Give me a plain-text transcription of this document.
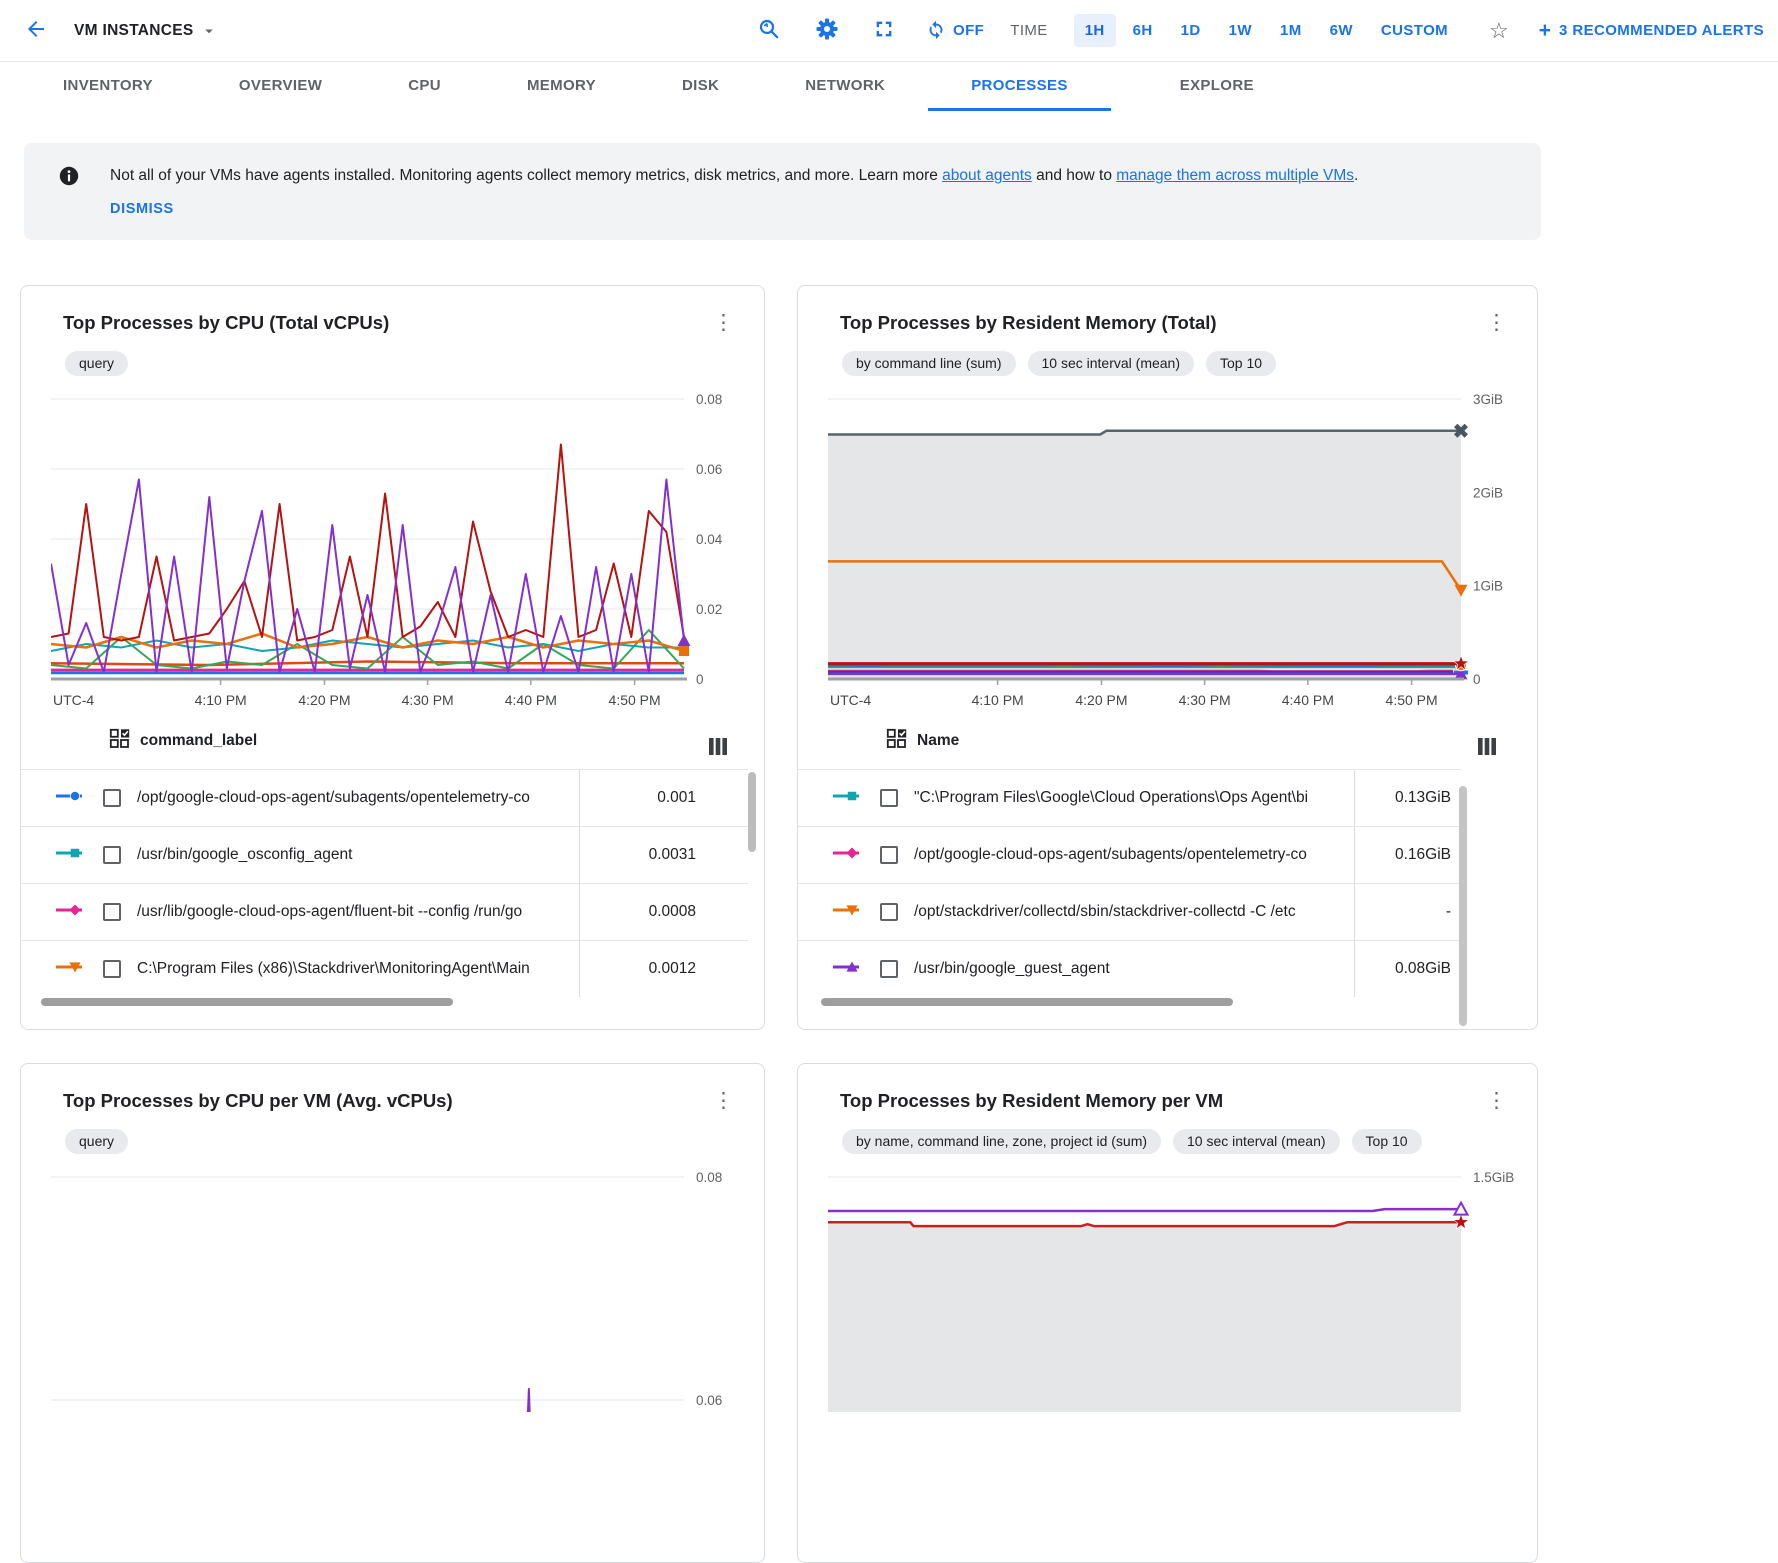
VM INSTANCES	OFF TIME	1H	6H	1D	1W	1M	6W	CUSTOM	☆ + 3 RECOMMENDED ALERTS
INVENTORY	OVERVIEW	CPU	MEMORY	DISK	NETWORK	PROCESSES	EXPLORE

Not all of your VMs have agents installed. Monitoring agents collect memory metrics, disk metrics, and more. Learn more about agents and how to manage them across multiple VMs.

DISMISS
Top Processes by CPU (Total vCPUs)	⋮
query
0.08
0.06
0.04
0.02
0
UTC-4	4:10 PM	4:20 PM	4:30 PM	4:40 PM	4:50 PM
command_label
/opt/google-cloud-ops-agent/subagents/opentelemetry-co	0.001
/usr/bin/google_osconfig_agent	0.0031
/usr/lib/google-cloud-ops-agent/fluent-bit --config /run/go	0.0008
C:\Program Files (x86)\Stackdriver\MonitoringAgent\Main	0.0012
Top Processes by Resident Memory (Total)	⋮
by command line (sum)	10 sec interval (mean)	Top 10
3GiB
2GiB
1GiB
0
UTC-4	4:10 PM	4:20 PM	4:30 PM	4:40 PM	4:50 PM
Name
"C:\Program Files\Google\Cloud Operations\Ops Agent\bi	0.13GiB
/opt/google-cloud-ops-agent/subagents/opentelemetry-co	0.16GiB
/opt/stackdriver/collectd/sbin/stackdriver-collectd -C /etc	-
/usr/bin/google_guest_agent	0.08GiB
Top Processes by CPU per VM (Avg. vCPUs)	⋮
query
0.08
0.06
Top Processes by Resident Memory per VM	⋮
by name, command line, zone, project id (sum)	10 sec interval (mean)	Top 10
1.5GiB
